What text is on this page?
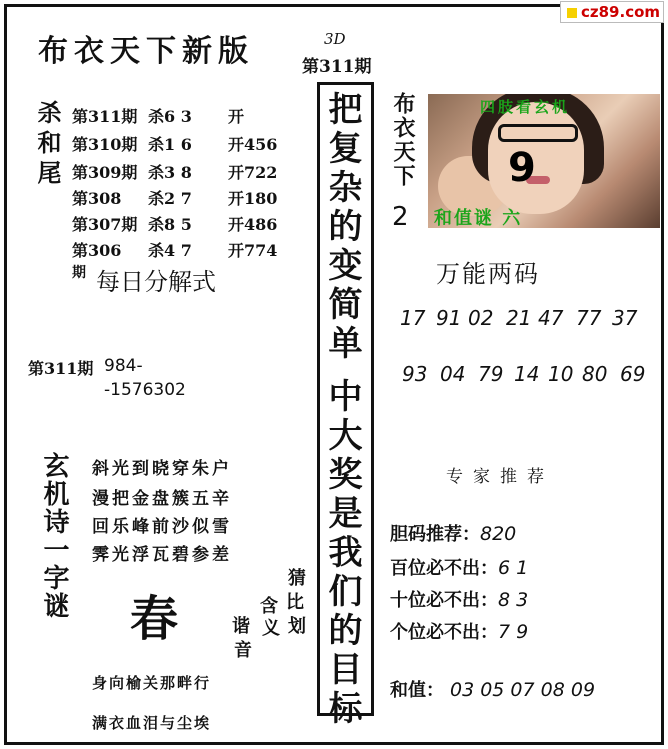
cz89.com
布衣天下新版	3D
第311期
杀和尾 第311期 杀6 3 开
第310期 杀1 6 开456
第309期 杀3 8 开722
第308 杀2 7 开180
第307期 杀8 5 开486
第306 杀4 7 开774
期 每日分解式
第311期 984-
-1576302
玄机诗一字谜 斜光到晓穿朱户
漫把金盘簇五辛
回乐峰前沙似雪
霁光浮瓦碧参差
春
猜
比
划
含
义
谐
音
身向榆关那畔行
满衣血泪与尘埃
把
复
杂
的
变
简
单
中
大
奖
是
我
们
的
目
标
布衣天下
2
四肢看玄机
9
和值谜 六
万能两码
17 91 02 21 47 77 37
93 04 79 14 10 80 69
专家推荐
胆码推荐：820
百位必不出：6 1
十位必不出：8 3
个位必不出：7 9
和值： 03 05 07 08 09
